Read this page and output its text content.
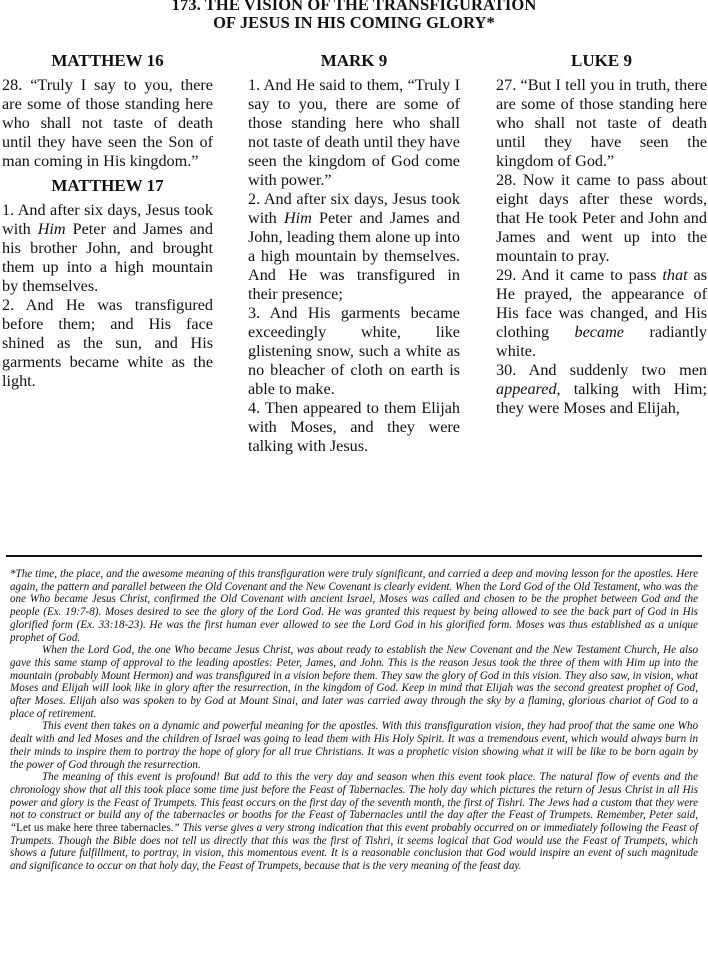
173. THE VISION OF THE TRANSFIGURATION
OF JESUS IN HIS COMING GLORY*
MATTHEW 16

28. “Truly I say to you, there are some of those standing here who shall not taste of death until they have seen the Son of man coming in His kingdom.”

MATTHEW 17

1. And after six days, Jesus took with Him Peter and James and his brother John, and brought them up into a high mountain by themselves.

2. And He was transfigured before them; and His face shined as the sun, and His garments became white as the light.

MARK 9

1. And He said to them, “Truly I say to you, there are some of those standing here who shall not taste of death until they have seen the kingdom of God come with power.”

2. And after six days, Jesus took with Him Peter and James and John, leading them alone up into a high mountain by themselves. And He was transfigured in their presence;

3. And His garments became exceedingly white, like glistening snow, such a white as no bleacher of cloth on earth is able to make.

4. Then appeared to them Elijah with Moses, and they were talking with Jesus.

LUKE 9

27. “But I tell you in truth, there are some of those standing here who shall not taste of death until they have seen the kingdom of God.”

28. Now it came to pass about eight days after these words, that He took Peter and John and James and went up into the mountain to pray.

29. And it came to pass that as He prayed, the appearance of His face was changed, and His clothing became radiantly white.

30. And suddenly two men appeared, talking with Him; they were Moses and Elijah,

*The time, the place, and the awesome meaning of this transfiguration were truly significant, and carried a deep and moving lesson for the apostles. Here again, the pattern and parallel between the Old Covenant and the New Covenant is clearly evident. When the Lord God of the Old Testament, who was the one Who became Jesus Christ, confirmed the Old Covenant with ancient Israel, Moses was called and chosen to be the prophet between God and the people (Ex. 19:7-8). Moses desired to see the glory of the Lord God. He was granted this request by being allowed to see the back part of God in His glorified form (Ex. 33:18-23). He was the first human ever allowed to see the Lord God in his glorified form. Moses was thus established as a unique prophet of God.

When the Lord God, the one Who became Jesus Christ, was about ready to establish the New Covenant and the New Testament Church, He also gave this same stamp of approval to the leading apostles: Peter, James, and John. This is the reason Jesus took the three of them with Him up into the mountain (probably Mount Hermon) and was transfigured in a vision before them. They saw the glory of God in this vision. They also saw, in vision, what Moses and Elijah will look like in glory after the resurrection, in the kingdom of God. Keep in mind that Elijah was the second greatest prophet of God, after Moses. Elijah also was spoken to by God at Mount Sinai, and later was carried away through the sky by a flaming, glorious chariot of God to a place of retirement.

This event then takes on a dynamic and powerful meaning for the apostles. With this transfiguration vision, they had proof that the same one Who dealt with and led Moses and the children of Israel was going to lead them with His Holy Spirit. It was a tremendous event, which would always burn in their minds to inspire them to portray the hope of glory for all true Christians. It was a prophetic vision showing what it will be like to be born again by the power of God through the resurrection.

The meaning of this event is profound! But add to this the very day and season when this event took place. The natural flow of events and the chronology show that all this took place some time just before the Feast of Tabernacles. The holy day which pictures the return of Jesus Christ in all His power and glory is the Feast of Trumpets. This feast occurs on the first day of the seventh month, the first of Tishri. The Jews had a custom that they were not to construct or build any of the tabernacles or booths for the Feast of Tabernacles until the day after the Feast of Trumpets. Remember, Peter said, “Let us make here three tabernacles.” This verse gives a very strong indication that this event probably occurred on or immediately following the Feast of Trumpets. Though the Bible does not tell us directly that this was the first of Tishri, it seems logical that God would use the Feast of Trumpets, which shows a future fulfillment, to portray, in vision, this momentous event. It is a reasonable conclusion that God would inspire an event of such magnitude and significance to occur on that holy day, the Feast of Trumpets, because that is the very meaning of the feast day.
